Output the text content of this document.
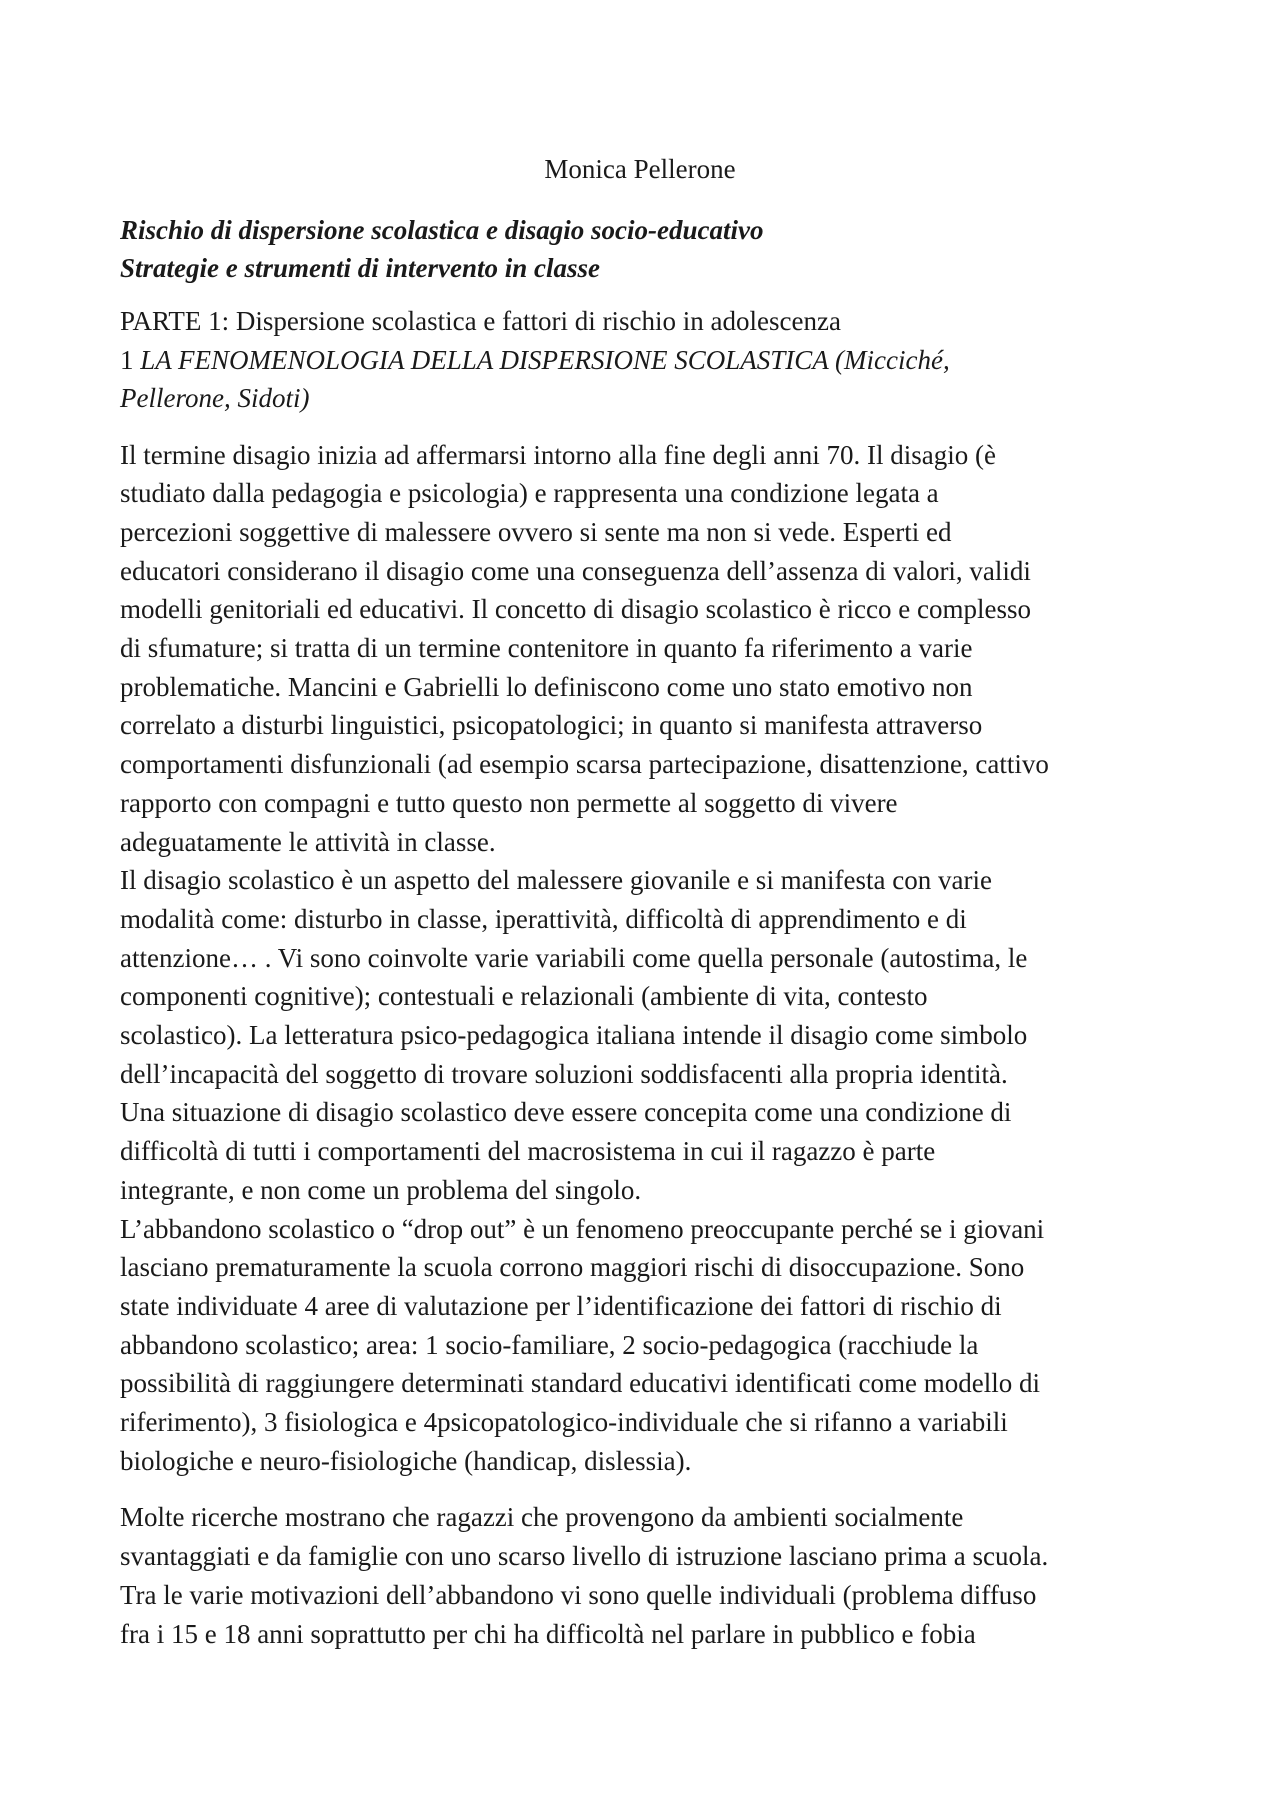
Monica Pellerone
Rischio di dispersione scolastica e disagio socio-educativo
Strategie e strumenti di intervento in classe
PARTE 1: Dispersione scolastica e fattori di rischio in adolescenza
1 LA FENOMENOLOGIA DELLA DISPERSIONE SCOLASTICA (Micciché,
Pellerone, Sidoti)

Il termine disagio inizia ad affermarsi intorno alla fine degli anni 70. Il disagio (è
studiato dalla pedagogia e psicologia) e rappresenta una condizione legata a
percezioni soggettive di malessere ovvero si sente ma non si vede. Esperti ed
educatori considerano il disagio come una conseguenza dell’assenza di valori, validi
modelli genitoriali ed educativi. Il concetto di disagio scolastico è ricco e complesso
di sfumature; si tratta di un termine contenitore in quanto fa riferimento a varie
problematiche. Mancini e Gabrielli lo definiscono come uno stato emotivo non
correlato a disturbi linguistici, psicopatologici; in quanto si manifesta attraverso
comportamenti disfunzionali (ad esempio scarsa partecipazione, disattenzione, cattivo
rapporto con compagni e tutto questo non permette al soggetto di vivere
adeguatamente le attività in classe.

Il disagio scolastico è un aspetto del malessere giovanile e si manifesta con varie
modalità come: disturbo in classe, iperattività, difficoltà di apprendimento e di
attenzione… . Vi sono coinvolte varie variabili come quella personale (autostima, le
componenti cognitive); contestuali e relazionali (ambiente di vita, contesto
scolastico). La letteratura psico-pedagogica italiana intende il disagio come simbolo
dell’incapacità del soggetto di trovare soluzioni soddisfacenti alla propria identità.
Una situazione di disagio scolastico deve essere concepita come una condizione di
difficoltà di tutti i comportamenti del macrosistema in cui il ragazzo è parte
integrante, e non come un problema del singolo.

L’abbandono scolastico o “drop out” è un fenomeno preoccupante perché se i giovani
lasciano prematuramente la scuola corrono maggiori rischi di disoccupazione. Sono
state individuate 4 aree di valutazione per l’identificazione dei fattori di rischio di
abbandono scolastico; area: 1 socio-familiare, 2 socio-pedagogica (racchiude la
possibilità di raggiungere determinati standard educativi identificati come modello di
riferimento), 3 fisiologica e 4psicopatologico-individuale che si rifanno a variabili
biologiche e neuro-fisiologiche (handicap, dislessia).

Molte ricerche mostrano che ragazzi che provengono da ambienti socialmente
svantaggiati e da famiglie con uno scarso livello di istruzione lasciano prima a scuola.
Tra le varie motivazioni dell’abbandono vi sono quelle individuali (problema diffuso
fra i 15 e 18 anni soprattutto per chi ha difficoltà nel parlare in pubblico e fobia
